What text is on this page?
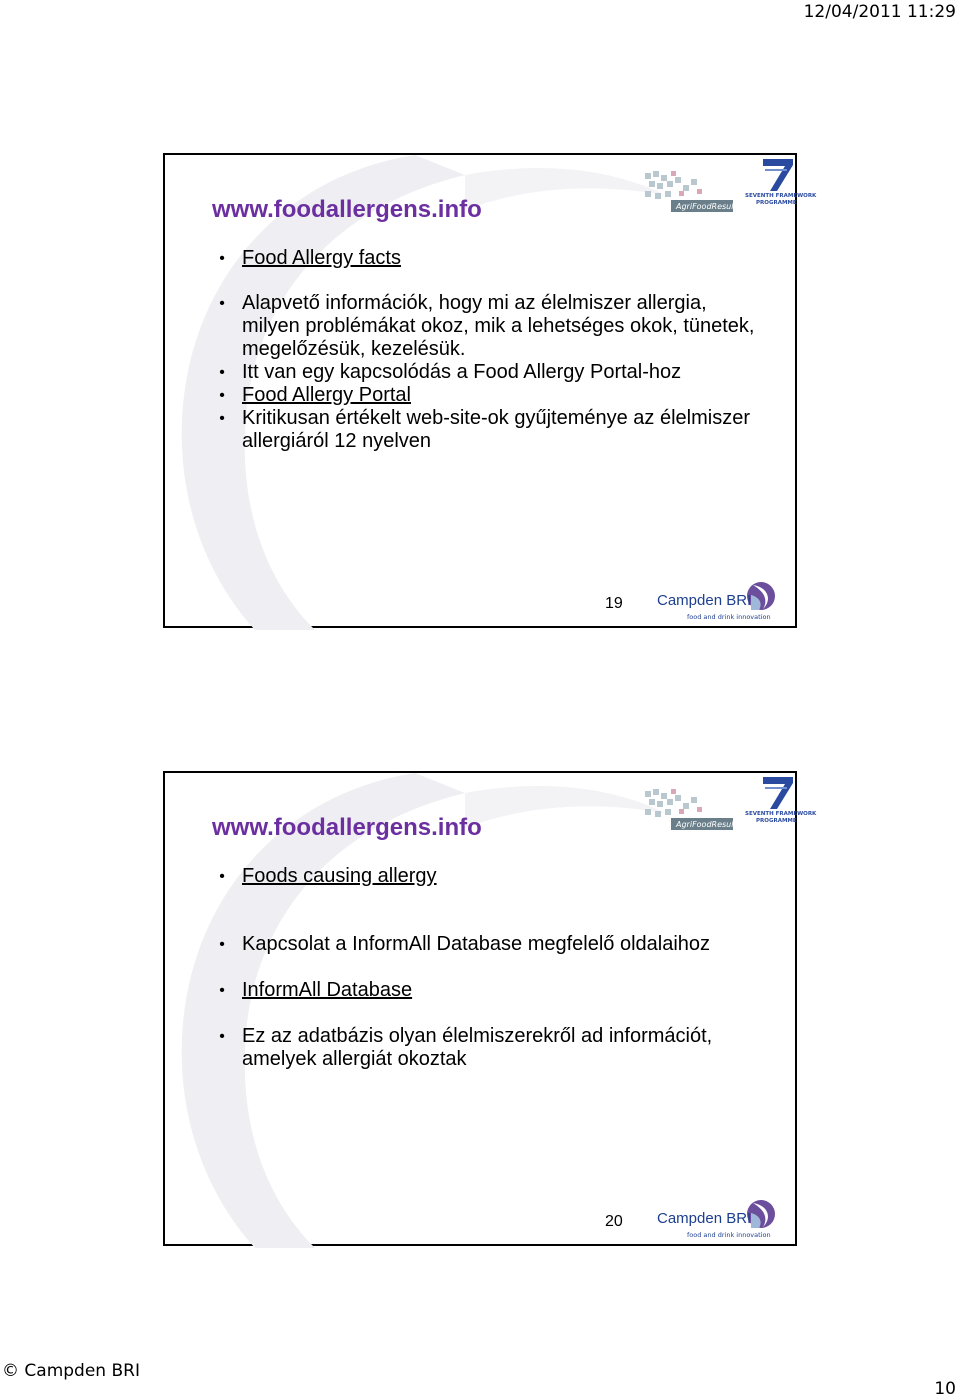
12/04/2011 11:29
AgriFoodResults
SEVENTH FRAMEWORK
PROGRAMME
www.foodallergens.info
• Food Allergy facts
• Alapvető információk, hogy mi az élelmiszer allergia, milyen problémákat okoz, mik a lehetséges okok, tünetek, megelőzésük, kezelésük.
• Itt van egy kapcsolódás a Food Allergy Portal-hoz
• Food Allergy Portal
• Kritikusan értékelt web-site-ok gyűjteménye az élelmiszer allergiáról 12 nyelven
19 Campden BRI
food and drink innovation
AgriFoodResults
SEVENTH FRAMEWORK
PROGRAMME
www.foodallergens.info
• Foods causing allergy
• Kapcsolat a InformAll Database megfelelő oldalaihoz
• InformAll Database
• Ez az adatbázis olyan élelmiszerekről ad információt, amelyek allergiát okoztak
20 Campden BRI
food and drink innovation
© Campden BRI
10
